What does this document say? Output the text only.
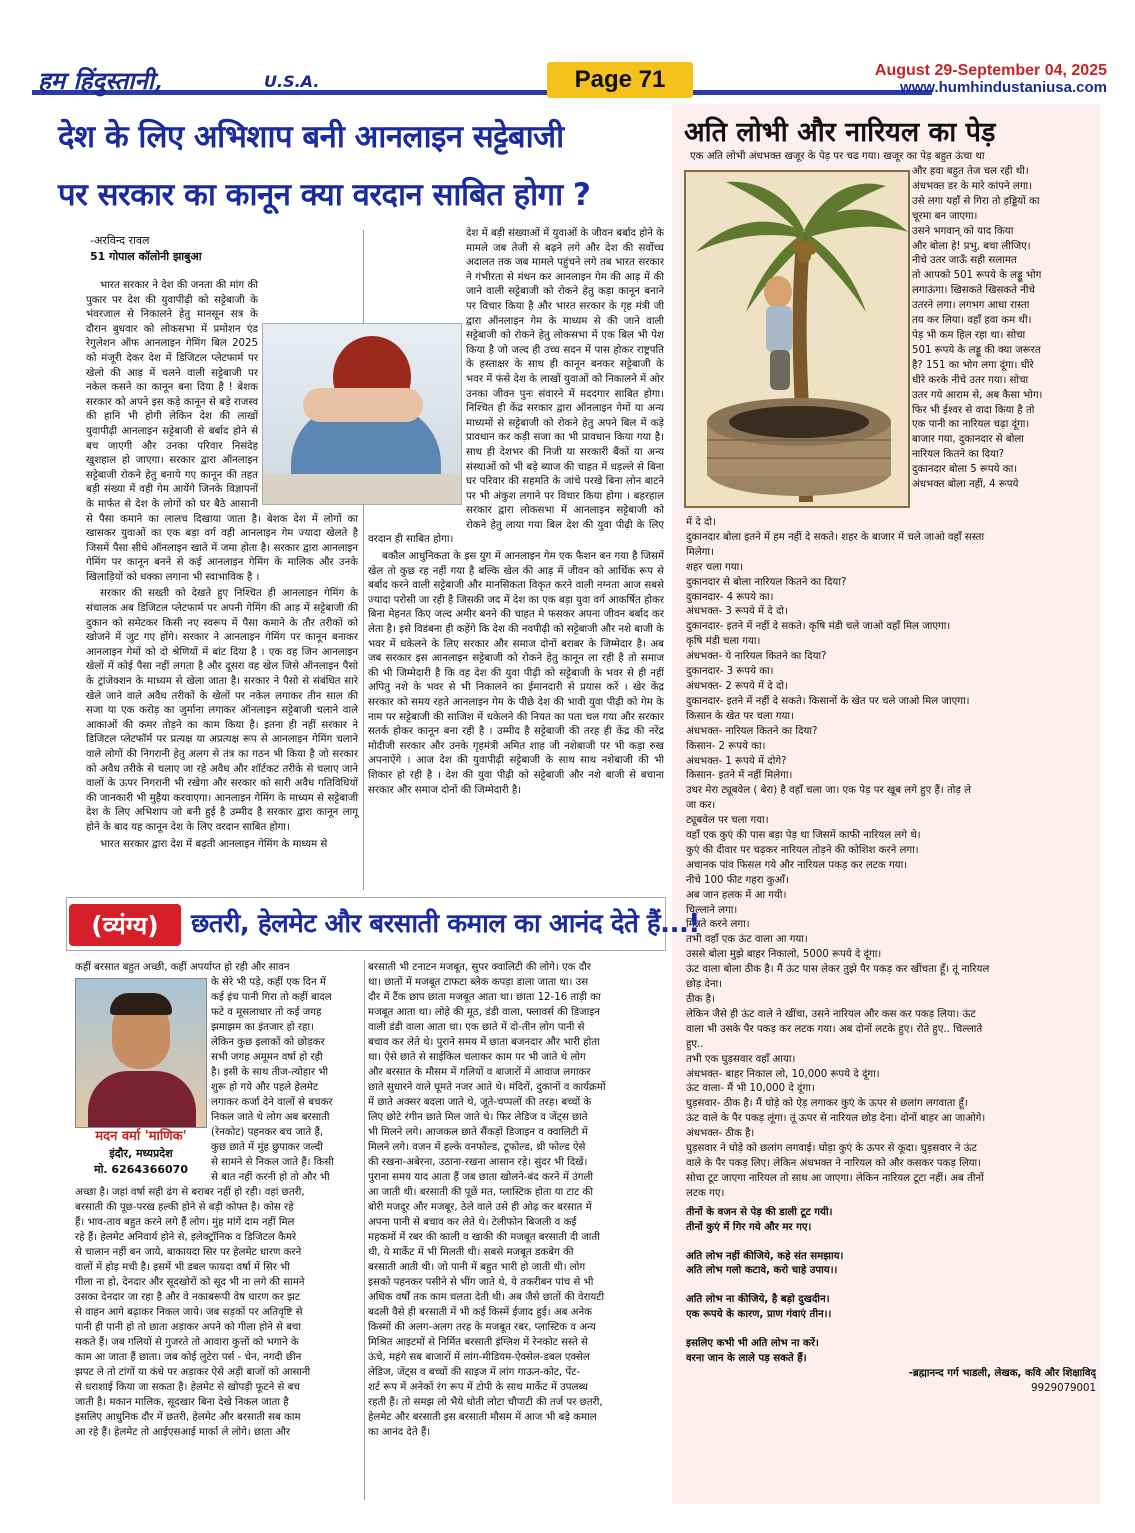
हम हिंदुस्तानी,	U.S.A.	Page 71	August 29-September 04, 2025
www.humhindustaniusa.com
देश के लिए अभिशाप बनी आनलाइन सट्टेबाजी
पर सरकार का कानून क्या वरदान साबित होगा ?
-अरविन्द रावल
51 गोपाल कॉलोनी झाबुआ

भारत सरकार ने देश की जनता की मांग की पुकार पर देश की युवापीढ़ी को सट्टेबाजी के भंवरजाल से निकालने हेतु मानसून सत्र के दौरान बुधवार को लोकसभा में प्रमोशन एंड रेगुलेशन ऑफ आनलाइन गेमिंग बिल 2025 को मंजूरी देकर देश में डिजिटल प्लेटफार्म पर खेलो की आड़ में चलने वाली सट्टेबाजी पर नकेल कसने का कानून बना दिया है ! बेशक सरकार को अपने इस कड़े कानून से बड़े राजस्व की हानि भी होगी लेकिन देश की लाखों युवापीढ़ी आनलाइन सट्टेबाजी से बर्बाद होने से बच जाएगी और उनका परिवार निसंदेह खुशहाल हो जाएगा। सरकार द्वारा ऑनलाइन सट्टेबाजी रोकने हेतु बनाये गए कानून की तहत बड़ी संख्या में वही गेम आयेंगे जिनके विज्ञापनों के मार्फत से देश के लोगों को घर बैठे आसानी से पैसा कमाने का लालच दिखाया जाता है। बेशक देश में लोगों का खासकर युवाओं का एक बड़ा वर्ग वही आनलाइन गेम ज्यादा खेलते है जिसमें पैसा सीधे ऑनलाइन खाते में जमा होता है। सरकार द्वारा आनलाइन गेमिंग पर कानून बनने से कई आनलाइन गेमिंग के मालिक और उनके खिलाड़ियों को धक्का लगाना भी स्वाभाविक है ।

सरकार की सख्ती को देखते हुए निश्चित ही आनलाइन गेमिंग के संचालक अब डिजिटल प्लेटफार्म पर अपनी गेमिंग की आड़ में सट्टेबाजी की दुकान को समेटकर किसी नए स्वरूप में पैसा कमाने के तौर तरीकों को खोजने में जुट गए होंगे। सरकार ने आनलाइन गेमिंग पर कानून बनाकर आनलाइन गेमों को दो श्रेणियों में बांट दिया है । एक वह जिन आनलाइन खेलों में कोई पैसा नहीं लगता है और दूसरा वह खेल जिसे ऑनलाइन पैसो के ट्रांजेक्शन के माध्यम से खेला जाता है। सरकार ने पैसो से संबंधित सारे खेले जाने वाले अवैध तरीकों के खेलों पर नकेल लगाकर तीन साल की सजा या एक करोड़ का जुर्माना लगाकर ऑनलाइन सट्टेबाजी चलाने वाले आकाओं की कमर तोड़ने का काम किया है। इतना ही नहीं सरकार ने डिजिटल प्लेटफॉर्म पर प्रत्यक्ष या अप्रत्यक्ष रूप से आनलाइन गेमिंग चलाने वाले लोगों की निगरानी हेतु अलग से तंत्र का गठन भी किया है जो सरकार को अवैध तरीके से चलाए जा रहे अवैध और शॉर्टकट तरीके से चलाए जाने वालों के ऊपर निगरानी भी रखेगा और सरकार को सारी अवैध गतिविधियों की जानकारी भी मुहैया करवाएगा। आनलाइन गेमिंग के माध्यम से सट्टेबाजी देश के लिए अभिशाप जो बनी हुई है उम्मीद है सरकार द्वारा कानून लागू होने के बाद यह कानून देश के लिए वरदान साबित होगा।

भारत सरकार द्वारा देश में बढ़ती आनलाइन गेमिंग के माध्यम से

देश में बड़ी संख्याओं में युवाओं के जीवन बर्बाद होने के मामले जब तेजी से बढ़ने लगे और देश की सर्वोच्च अदालत तक जब मामले पहुंचने लगे तब भारत सरकार ने गंभीरता से मंथन कर आनलाइन गेम की आड़ में की जाने वाली सट्टेबाजी को रोकने हेतु कड़ा कानून बनाने पर विचार किया है और भारत सरकार के गृह मंत्री जी द्वारा ऑनलाइन गेम के माध्यम से की जाने वाली सट्टेबाजी को रोकने हेतु लोकसभा में एक बिल भी पेश किया है जो जल्द ही उच्च सदन में पास होकर राष्ट्रपति के हस्ताक्षर के साथ ही कानून बनकर सट्टेबाजी के भवर में फंसे देश के लाखों युवाओं को निकालने में ओर उनका जीवन पुनः संवारने में मददगार साबित होगा। निश्चित ही केंद्र सरकार द्वारा ऑनलाइन गेमों या अन्य माध्यमों से सट्टेबाजी को रोकने हेतु अपने बिल में कड़े प्रावधान कर कड़ी सजा का भी प्रावधान किया गया है। साथ ही देशभर की निजी या सरकारी बैंकों या अन्य संस्थाओं को भी बड़े ब्याज की चाहत में धड़ल्ले से बिना घर परिवार की सहमति के जांचे परखे बिना लोन बाटने पर भी अंकुश लगाने पर विचार किया होगा । बहरहाल सरकार द्वारा लोकसभा में आनलाइन सट्टेबाजी को रोकने हेतु लाया गया बिल देश की युवा पीढ़ी के लिए वरदान ही साबित होगा।

बकौल आधुनिकता के इस युग में आनलाइन गेम एक फैशन बन गया है जिसमें खेल तो कुछ रह नहीं गया है बल्कि खेल की आड़ में जीवन को आर्थिक रूप से बर्बाद करने वाली सट्टेबाजी और मानसिकता विकृत करने वाली नग्नता आज सबसे ज्यादा परोसी जा रही है जिसकी जद में देश का एक बड़ा युवा वर्ग आकर्षित होकर बिना मेहनत किए जल्द अमीर बनने की चाहत मे फसकर अपना जीवन बर्बाद कर लेता है। इसे विडंबना ही कहेंगे कि देश की नवपीढ़ी को सट्टेबाजी और नशे बाजी के भवर में धकेलने के लिए सरकार और समाज दोनों बराबर के जिम्मेदार है। अब जब सरकार इस आनलाइन सट्टेबाजी को रोकने हेतु कानून ला रही है तो समाज की भी जिम्मेदारी है कि वह देश की युवा पीढ़ी को सट्टेबाजी के भवर से ही नहीं अपितु नशे के भवर से भी निकालने का ईमानदारी से प्रयास करें । खेर केंद्र सरकार को समय रहते आनलाइन गेम के पीछे देश की भावी युवा पीढ़ी को गेम के नाम पर सट्टेबाजी की साजिश में धकेलने की नियत का पता चल गया और सरकार सतर्क होकर कानून बना रही है । उम्मीद है सट्टेबाजी की तरह ही केंद्र की नरेंद्र मोदीजी सरकार और उनके गृहमंत्री अमित शाह जी नशेबाजी पर भी कड़ा रुख अपनाऐंगे । आज देश की युवापीढ़ी सट्टेबाजी के साथ साथ नशेबाजी की भी शिकार हो रही है । देश की युवा पीढ़ी को सट्टेबाजी और नशे बाजी से बचाना सरकार और समाज दोनों की जिम्मेदारी है।

अति लोभी और नारियल का पेड़
एक अति लोभी अंधभक्त खजूर के पेड़ पर चढ गया। खजूर का पेड़ बहुत ऊंचा था
और हवा बहुत तेज चल रही थी।
अंधभक्त डर के मारे कांपने लगा।
उसे लगा यहाँ से गिरा तो हड्डियों का
चूरमा बन जाएगा।
उसने भगवान् को याद किया
और बोला हे! प्रभु, बचा लीजिए।
नीचे उतर जाऊँ सही सलामत
तो आपको 501 रूपये के लड्डू भोग
लगाऊंगा। खिसकते खिसकते नीचे
उतरने लगा। लगभग आधा रास्ता
तय कर लिया। वहाँ हवा कम थी।
पेड़ भी कम हिल रहा था। सोचा
501 रूपये के लड्डू की क्या जरूरत
है? 151 का भोग लगा दूंगा। धीरे
धीरे करके नीचे उतर गया। सोचा
उतर गये आराम से, अब कैसा भोग।
फिर भी ईश्वर से वादा किया है तो
एक पानी का नारियल चढ़ा दूंगा।
बाजार गया, दुकानदार से बोला
नारियल कितने का दिया?
दुकानदार बोला 5 रूपये का।
अंधभक्त बोला नहीं, 4 रूपये
में दे दो।
दुकानदार बोला इतने में हम नहीं दे सकते। शहर के बाजार में चले जाओ वहाँ सस्ता
मिलेगा।
शहर चला गया।
दुकानदार से बोला नारियल कितने का दिया?
दुकानदार- 4 रूपये का।
अंधभक्त- 3 रूपये में दे दो।
दुकानदार- इतने में नहीं दे सकते। कृषि मंडी चले जाओ वहाँ मिल जाएगा।
कृषि मंडी चला गया।
अंधभक्त- ये नारियल कितने का दिया?
दुकानदार- 3 रूपये का।
अंधभक्त- 2 रूपये में दे दो।
दुकानदार- इतने में नहीं दे सकते। किसानों के खेत पर चले जाओ मिल जाएगा।
किसान के खेत पर चला गया।
अंधभक्त- नारियल कितने का दिया?
किसान- 2 रूपये का।
अंधभक्त- 1 रूपये में दोगे?
किसान- इतने में नहीं मिलेगा।
उधर मेरा ट्यूबवेल ( बेरा) है वहाँ चला जा। एक पेड़ पर खूब लगे हुए हैं। तोड़ ले
जा कर।
ट्यूबवेल पर चला गया।
वहाँ एक कुएं की पास बड़ा पेड़ था जिसमें काफी नारियल लगे थे।
कुएं की दीवार पर चढ़कर नारियल तोड़ने की कोशिश करने लगा।
अचानक पांव फिसल गये और नारियल पकड़ कर लटक गया।
नीचे 100 फीट गहरा कुआँ।
अब जान हलक में आ गयी।
चिल्लाने लगा।
मिन्नते करने लगा।
तभी वहाँ एक ऊंट वाला आ गया।
उससे बोला मुझे बाहर निकालो, 5000 रूपये दे दूंगा।
ऊंट वाला बोला ठीक है। मैं ऊंट पास लेकर तुझे पैर पकड़ कर खींचता हूँ। तूं नारियल
छोड़ देना।
ठीक है।
लेकिन जैसे ही ऊंट वाले ने खींचा, उसने नारियल और कस कर पकड़ लिया। ऊंट
वाला भी उसके पैर पकड़ कर लटक गया। अब दोनों लटके हुए। रोते हुए.. चिल्लाते
हुए..
तभी एक घुड़सवार वहाँ आया।
अंधभक्त- बाहर निकाल लो, 10,000 रूपये दे दूंगा।
ऊंट वाला- मैं भी 10,000 दे दूंगा।
घुड़सवार- ठीक है। मैं घोड़े को ऐड़ लगाकर कुएं के ऊपर से छलांग लगवाता हूँ।
ऊंट वाले के पैर पकड़ लूंगा। तूं ऊपर से नारियल छोड़ देना। दोनों बाहर आ जाओगे।
अंधभक्त- ठीक है।
घुड़सवार ने घोड़े को छलांग लगवाई। घोड़ा कुएं के ऊपर से कूदा। घुड़सवार ने ऊंट
वाले के पैर पकड़ लिए। लेकिन अंधभक्त ने नारियल को और कसकर पकड़ लिया।
सोचा टूट जाएगा नारियल तो साथ आ जाएगा। लेकिन नारियल टूटा नहीं। अब तीनों
लटक गए।
तीनों के वजन से पेड़ की डाली टूट गयी।
तीनों कुएं में गिर गये और मर गए।
अति लोभ नहीं कीजिये, कहे संत समझाय।
अति लोभ गलो कटावे, करो चाहे उपाय।।
अति लोभ ना कीजिये, है बड़ो दुखदीन।
एक रूपये के कारण, प्राण गंवाएं तीन।।
इसलिए कभी भी अति लोभ ना करें।
वरना जान के लाले पड़ सकते हैं।
-ब्रह्मानन्द गर्ग भाडली, लेखक, कवि और शिक्षाविद्
9929079001
(व्यंग्य)	छतरी, हेलमेट और बरसाती कमाल का आनंद देते हैं...!
मदन वर्मा 'माणिक'
इंदौर, मध्यप्रदेश
मो. 6264366070
कहीं बरसात बहुत अच्छी, कहीं अपर्याप्त हो रही और सावन
के सेरे भी पड़े, कहीं एक दिन में
कई इंच पानी गिरा तो कहीं बादल
फटे व मूसलाधार तो कई जगह
झमाझम का इंतजार हो रहा।
लेकिन कुछ इलाकों को छोड़कर
सभी जगह अमूमन वर्षा हो रही
है। इसी के साथ तीज-त्योहार भी
शुरू हो गये और पहले हेलमेट
लगाकर कर्जा देने वालों से बचकर
निकल जाते थे लोग अब बरसाती
(रेनकोट) पहनकर बच जाते हैं,
कुछ छाते में मुंह छुपाकर जल्दी
से सामने से निकल जाते हैं। किसी
से बात नहीं करनी हो तो और भी
अच्छा है। जहां वर्षा सही ढंग से बराबर नहीं हो रही। वहां छतरी,
बरसाती की पूछ-परख हल्की होने से बड़ी कोफ्त है। कोस रहे
हैं। भाव-ताव बहुत करने लगे हैं लोग। मुंह मांगें दाम नहीं मिल
रहे हैं। हेलमेट अनिवार्य होने से, इलेक्ट्रॉनिक व डिजिटल कैमरे
से चालान नहीं बन जाये, बाकायदा सिर पर हेलमेट धारण करने
वालों में होड़ मची है। इसमें भी डबल फायदा वर्षा में सिर भी
गीला ना हो, देनदार और सूदखोरों को सूद भी ना लगे की सामने
उसका देनदार जा रहा है और वे नकाबरूपी वेष धारण कर झट
से वाहन आगे बढ़ाकर निकल जाये। जब सड़कों पर अतिवृष्टि से
पानी ही पानी हो तो छाता अड़ाकर अपने को गीला होने से बचा
सकते हैं। जब गलियों से गुजरते तो आवारा कुत्तों को भगाने के
काम आ जाता हैं छाता। जब कोई लुटेरा पर्स - चेन, नगदी छीन
झपट ले तो टांगों या कंधे पर अड़ाकर ऐसे अड़ी बाजों को आसानी
से धराशाई किया जा सकता है। हेलमेट से खोपड़ी फूटने से बच
जाती है। मकान मालिक, सूदखार बिना देखे निकल जाता है
इसलिए आधुनिक दौर में छतरी, हेलमेट और बरसाती सब काम
आ रहे हैं। हेलमेट तो आईएसआई मार्का ले लोगे। छाता और
बरसाती भी टनाटन मजबूत, सुपर क्वालिटी की लोगे। एक दौर
था। छातों में मजबूत टाफटा ब्लेक कपड़ा डाला जाता था। उस
दौर में टैंक छाप छाता मजबूत आता था। छाता 12-16 ताड़ी का
मजबूत आता था। लोहे की मूठ, डंडी वाला, फ्लावर्स की डिजाइन
वाली डंडी वाला आता था। एक छाते में दो-तीन लोग पानी से
बचाव कर लेते थे। पुराने समय में छाता बजनदार और भारी होता
था। ऐसे छाते से साईकिल चलाकर काम पर भी जाते थे लोग
और बरसात के मौसम में गलियों व बाजारों में आवाज लगाकर
छाते सुधारने वाले घूमते नजर आते थे। मंदिरों, दुकानों व कार्यक्रमों
में छाते अक्सर बदला जाते थे, जूते-चप्पलों की तरह। बच्चों के
लिए छोटे रंगीन छाते मिल जाते थे। फिर लेडिज व जेंट्स छाते
भी मिलने लगे। आजकल छाते सैंकड़ों डिजाइन व क्वालिटी में
मिलने लगे। वजन में हल्के वनफोल्ड, टूफोल्ड, थ्री फोल्ड ऐसे
की रखना-अबेरना, उठाना-रखना आसान रहे। सुंदर भी दिखें।
पुराना समय याद आता हैं जब छाता खोलने-बंद करने में उंगली
आ जाती थी। बरसाती की पूछें मत, प्लास्टिक होता या टाट की
बोरी मजदूर और मजबूर, ठेले वाले उसे ही ओढ़ कर बरसात में
अपना पानी से बचाव कर लेते थे। टेलीफोन बिजली व कई
महकमों में रबर की काली व खाकी की मजबूत बरसाती दी जाती
थी, ये मार्केट में भी मिलती थी। सबसे मजबूत डकबेग की
बरसाती आती थी। जो पानी में बहुत भारी हो जाती थी। लोग
इसको पहनकर पसीने से भींग जाते थे, ये तकरीबन पांच से भी
अधिक वर्षों तक काम चलता देती थी। अब जैसे छातों की वेरायटी
बदली वैसे ही बरसाती में भी कई किस्में ईजाद हुई। अब अनेक
किस्मों की अलग-अलग तरह के मजबूत रबर, प्लास्टिक व अन्य
मिश्रित आइटमों से निर्मित बरसाती इंग्लिश में रेनकोट सस्ते से
ऊंचे, महंगे सब बाजारों में लांग-मीडियम-ऐक्सेल-डबल एक्सेल
लेडिज, जेंट्स व बच्चों की साइज में लांग गाऊन-कोट, पेंट-
शर्ट रूप में अनेकों रंग रूप में टोपी के साथ मार्केट में उपलब्ध
रहती हैं। तो समझ लो भैये धोती लोटा चौपाटी की तर्ज पर छतरी,
हेलमेट और बरसाती इस बरसाती मौसम में आज भी बड़े कमाल
का आनंद देते हैं।
